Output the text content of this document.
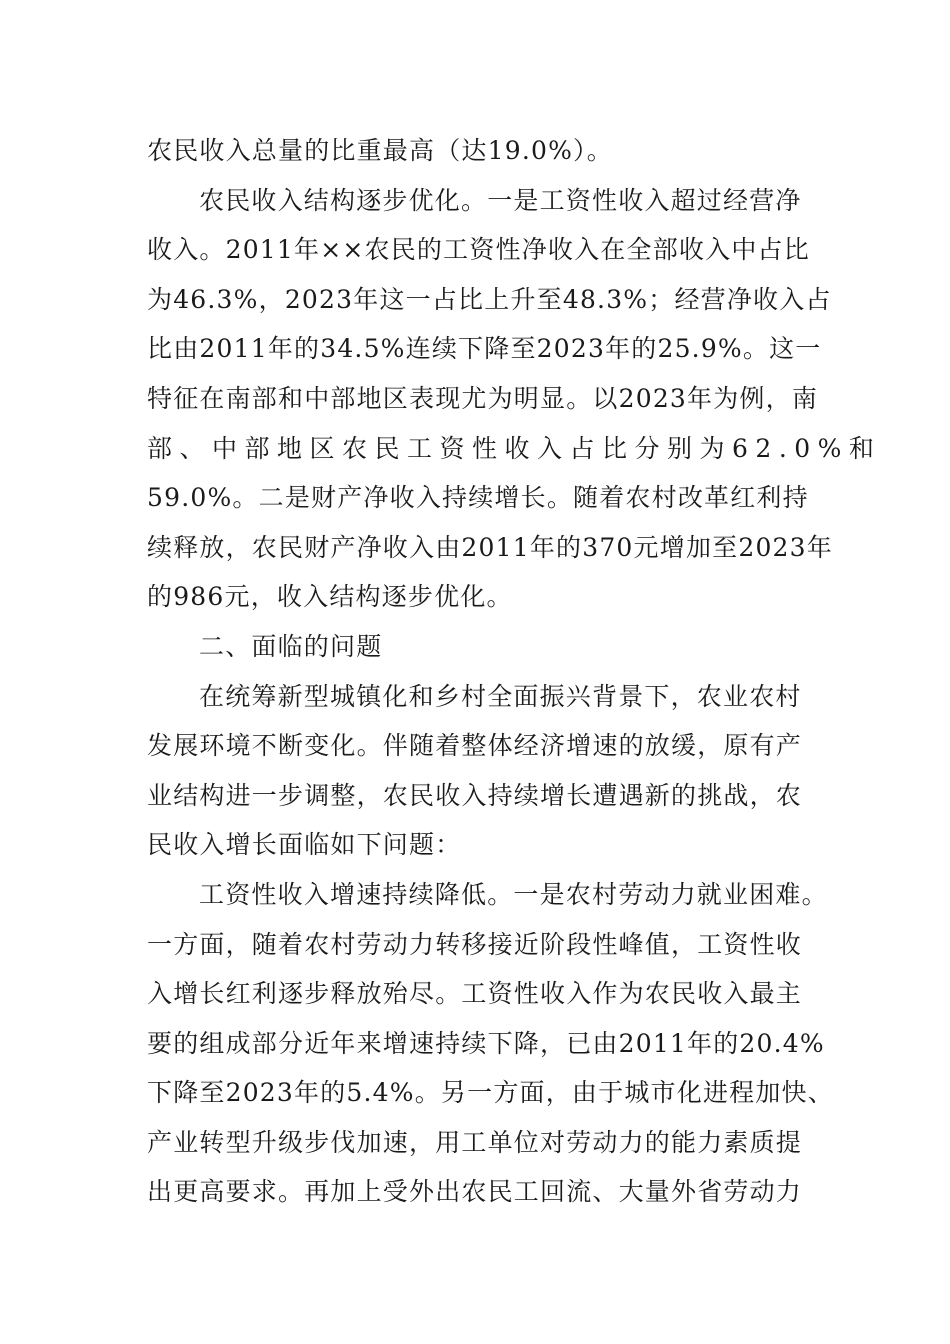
农民收入总量的比重最高（达19.0%）。
农民收入结构逐步优化。一是工资性收入超过经营净
收入。2011年××农民的工资性净收入在全部收入中占比
为46.3%，2023年这一占比上升至48.3%；经营净收入占
比由2011年的34.5%连续下降至2023年的25.9%。这一
特征在南部和中部地区表现尤为明显。以2023年为例，南
部、中部地区农民工资性收入占比分别为62.0%和
59.0%。二是财产净收入持续增长。随着农村改革红利持
续释放，农民财产净收入由2011年的370元增加至2023年
的986元，收入结构逐步优化。
二、面临的问题
在统筹新型城镇化和乡村全面振兴背景下，农业农村
发展环境不断变化。伴随着整体经济增速的放缓，原有产
业结构进一步调整，农民收入持续增长遭遇新的挑战，农
民收入增长面临如下问题：
工资性收入增速持续降低。一是农村劳动力就业困难。
一方面，随着农村劳动力转移接近阶段性峰值，工资性收
入增长红利逐步释放殆尽。工资性收入作为农民收入最主
要的组成部分近年来增速持续下降，已由2011年的20.4%
下降至2023年的5.4%。另一方面，由于城市化进程加快、
产业转型升级步伐加速，用工单位对劳动力的能力素质提
出更高要求。再加上受外出农民工回流、大量外省劳动力
